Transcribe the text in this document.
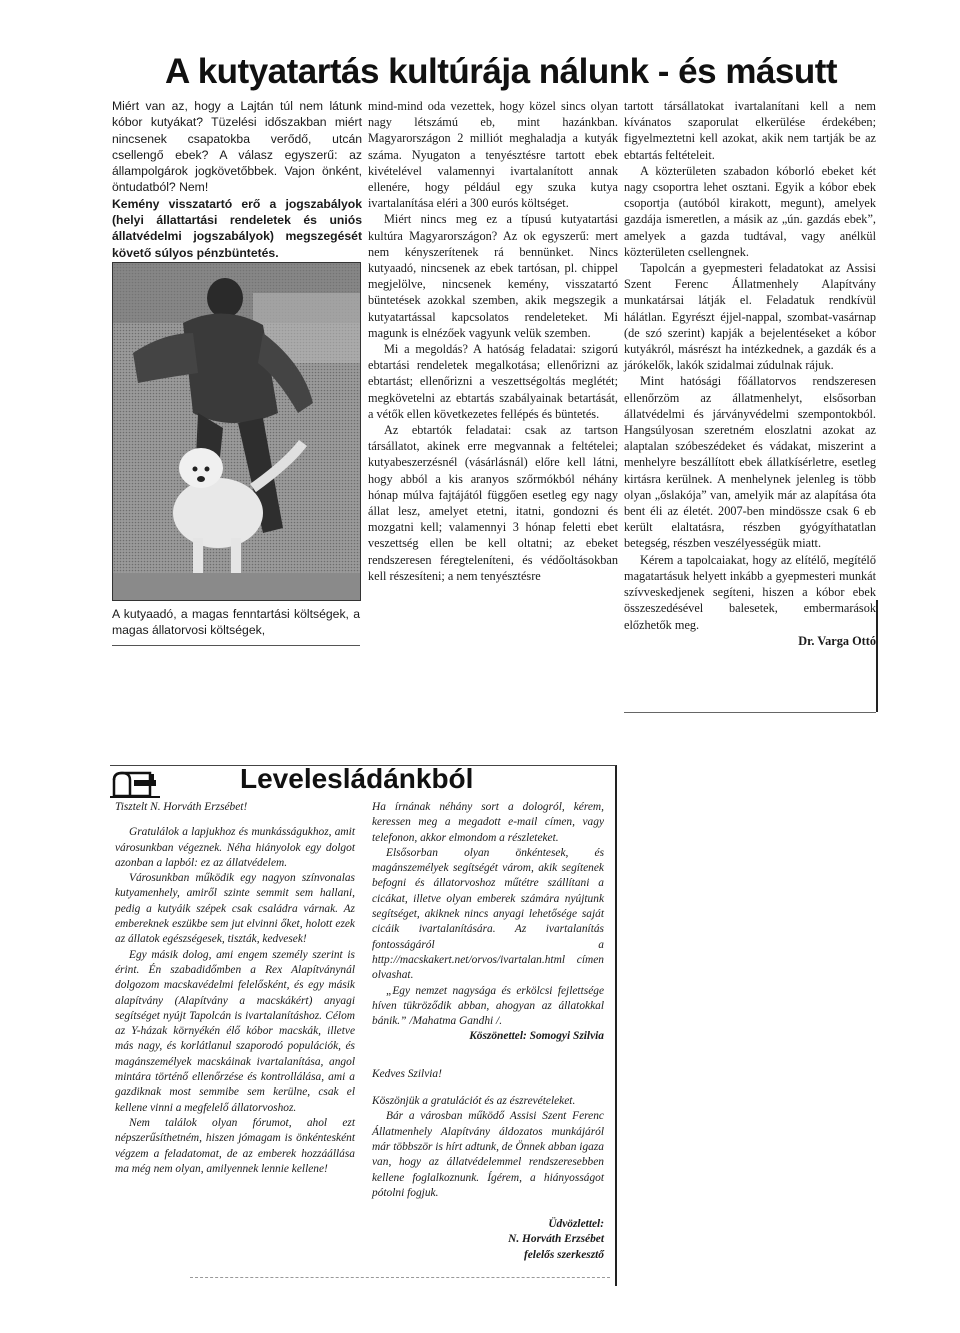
A kutyatartás kultúrája nálunk - és másutt

Miért van az, hogy a Lajtán túl nem látunk kóbor kutyákat? Tüzelési időszakban miért nincsenek csapatokba verődő, utcán csellengő ebek? A válasz egyszerű: az állampolgárok jogkövetőbbek. Vajon önként, öntudatból? Nem!

Kemény visszatartó erő a jogszabályok (helyi állattartási rendeletek és uniós állatvédelmi jogszabályok) megszegését követő súlyos pénzbüntetés.

A kutyaadó, a magas fenntartási költségek, a magas állatorvosi költségek,

mind-mind oda vezettek, hogy közel sincs olyan nagy létszámú eb, mint hazánkban. Magyarországon 2 milliót meghaladja a kutyák száma. Nyugaton a tenyésztésre tartott ebek kivételével valamennyi ivartalanított annak ellenére, hogy például egy szuka kutya ivartalanítása eléri a 300 eurós költséget.

Miért nincs meg ez a típusú kutyatartási kultúra Magyarországon? Az ok egyszerű: mert nem kényszerítenek rá bennünket. Nincs kutyaadó, nincsenek az ebek tartósan, pl. chippel megjelölve, nincsenek kemény, visszatartó büntetések azokkal szemben, akik megszegik a kutyatartással kapcsolatos rendeleteket. Mi magunk is elnézőek vagyunk velük szemben.

Mi a megoldás? A hatóság feladatai: szigorú ebtartási rendeletek megalkotása; ellenőrizni az ebtartást; ellenőrizni a veszettségoltás meglétét; megkövetelni az ebtartás szabályainak betartását, a vétők ellen következetes fellépés és büntetés.

Az ebtartók feladatai: csak az tartson társállatot, akinek erre megvannak a feltételei; kutyabeszerzésnél (vásárlásnál) előre kell látni, hogy abból a kis aranyos szőrmókból néhány hónap múlva fajtájától függően esetleg egy nagy állat lesz, amelyet etetni, itatni, gondozni és mozgatni kell; valamennyi 3 hónap feletti ebet veszettség ellen be kell oltatni; az ebeket rendszeresen féregteleníteni, és védőoltásokban kell részesíteni; a nem tenyésztésre

tartott társállatokat ivartalanítani kell a nem kívánatos szaporulat elkerülése érdekében; figyelmeztetni kell azokat, akik nem tartják be az ebtartás feltételeit.

A közterületen szabadon kóborló ebeket két nagy csoportra lehet osztani. Egyik a kóbor ebek csoportja (autóból kirakott, megunt), amelyek gazdája ismeretlen, a másik az „ún. gazdás ebek”, amelyek a gazda tudtával, vagy anélkül közterületen csellengnek.

Tapolcán a gyepmesteri feladatokat az Assisi Szent Ferenc Állatmenhely Alapítvány munkatársai látják el. Feladatuk rendkívül hálátlan. Egyrészt éjjel-nappal, szombat-vasárnap (de szó szerint) kapják a bejelentéseket a kóbor kutyákról, másrészt ha intézkednek, a gazdák és a járókelők, lakók szidalmai zúdulnak rájuk.

Mint hatósági főállatorvos rendszeresen ellenőrzöm az állatmenhelyt, elsősorban állatvédelmi és járványvédelmi szempontokból. Hangsúlyosan szeretném eloszlatni azokat az alaptalan szóbeszédeket és vádakat, miszerint a menhelyre beszállított ebek állatkísérletre, esetleg kirtásra kerülnek. A menhelynek jelenleg is több olyan „őslakója” van, amelyik már az alapítása óta bent éli az életét. 2007-ben mindössze csak 6 eb került elaltatásra, részben gyógyíthatatlan betegség, részben veszélyességük miatt.

Kérem a tapolcaiakat, hogy az elítélő, megítélő magatartásuk helyett inkább a gyepmesteri munkát szívveskedjenek segíteni, hiszen a kóbor ebek összeszedésével balesetek, embermarások előzhetők meg.

Dr. Varga Ottó

Levelesládánkból

Tisztelt N. Horváth Erzsébet!

Gratulálok a lapjukhoz és munkásságukhoz, amit városunkban végeznek. Néha hiányolok egy dolgot azonban a lapból: ez az állatvédelem.

Városunkban működik egy nagyon színvonalas kutyamenhely, amiről szinte semmit sem hallani, pedig a kutyáik szépek csak családra várnak. Az embereknek eszükbe sem jut elvinni őket, holott ezek az állatok egészségesek, tiszták, kedvesek!

Egy másik dolog, ami engem személy szerint is érint. Én szabadidőmben a Rex Alapítványnál dolgozom macskavédelmi felelősként, és egy másik alapítvány (Alapítvány a macskákért) anyagi segítséget nyújt Tapolcán is ivartalanításhoz. Célom az Y-házak környékén élő kóbor macskák, illetve más nagy, és korlátlanul szaporodó populációk, és magánszemélyek macskáinak ivartalanítása, angol mintára történő ellenőrzése és kontrollálása, ami a gazdiknak most semmibe sem kerülne, csak el kellene vinni a megfelelő állatorvoshoz.

Nem találok olyan fórumot, ahol ezt népszerűsíthetném, hiszen jómagam is önkéntesként végzem a feladatomat, de az emberek hozzáállása ma még nem olyan, amilyennek lennie kellene!

Ha írnának néhány sort a dologról, kérem, keressen meg a megadott e-mail címen, vagy telefonon, akkor elmondom a részleteket.

Elsősorban olyan önkéntesek, és magánszemélyek segítségét várom, akik segítenek befogni és állatorvoshoz műtétre szállítani a cicákat, illetve olyan emberek számára nyújtunk segítséget, akiknek nincs anyagi lehetősége saját cicáik ivartalanítására. Az ivartalanítás fontosságáról a http://macskakert.net/orvos/ivartalan.html címen olvashat.

„Egy nemzet nagysága és erkölcsi fejlettsége híven tükröződik abban, ahogyan az állatokkal bánik.” /Mahatma Gandhi /.

Köszönettel: Somogyi Szilvia

Kedves Szilvia!

Köszönjük a gratulációt és az észrevételeket.

Bár a városban működő Assisi Szent Ferenc Állatmenhely Alapítvány áldozatos munkájáról már többször is hírt adtunk, de Önnek abban igaza van, hogy az állatvédelemmel rendszeresebben kellene foglalkoznunk. Ígérem, a hiányosságot pótolni fogjuk.

Üdvözlettel:

N. Horváth Erzsébet

felelős szerkesztő
